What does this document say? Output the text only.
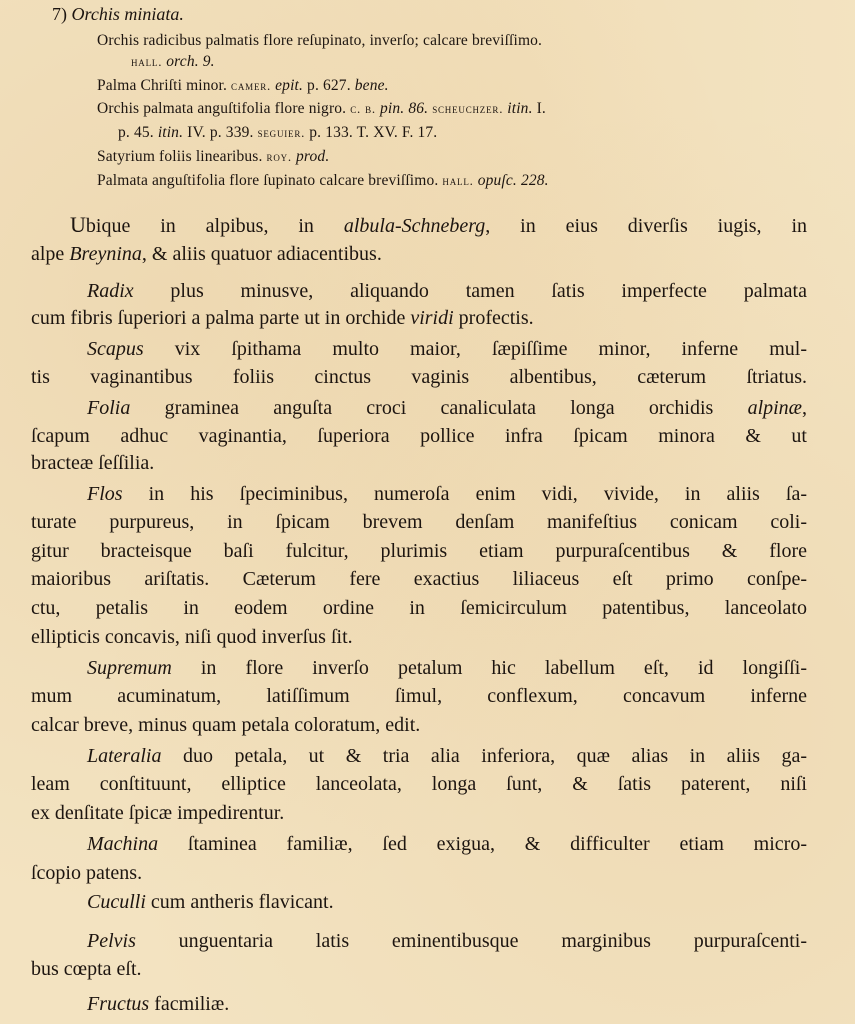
7) Orchis miniata.
Orchis radicibus palmatis flore reſupinato, inverſo; calcare breviſſimo.
hall. orch. 9.
Palma Chriſti minor. camer. epit. p. 627. bene.
Orchis palmata anguſtifolia flore nigro. c. b. pin. 86. scheuchzer. itin. I.
p. 45. itin. IV. p. 339. seguier. p. 133. T. XV. F. 17.
Satyrium foliis linearibus. roy. prod.
Palmata anguſtifolia flore ſupinato calcare breviſſimo. hall. opuſc. 228.
Ubique in alpibus, in albula-Schneberg, in eius diverſis iugis, in
alpe Breynina, & aliis quatuor adiacentibus.
Radix plus minusve, aliquando tamen ſatis imperfecte palmata
cum fibris ſuperiori a palma parte ut in orchide viridi profectis.
Scapus vix ſpithama multo maior, ſæpiſſime minor, inferne mul-
tis vaginantibus foliis cinctus vaginis albentibus, cæterum ſtriatus.
Folia graminea anguſta croci canaliculata longa orchidis alpinæ,
ſcapum adhuc vaginantia, ſuperiora pollice infra ſpicam minora & ut
bracteæ ſeſſilia.
Flos in his ſpeciminibus, numeroſa enim vidi, vivide, in aliis ſa-
turate purpureus, in ſpicam brevem denſam manifeſtius conicam coli-
gitur bracteisque baſi fulcitur, plurimis etiam purpuraſcentibus & flore
maioribus ariſtatis. Cæterum fere exactius liliaceus eſt primo conſpe-
ctu, petalis in eodem ordine in ſemicirculum patentibus, lanceolato
ellipticis concavis, niſi quod inverſus ſit.
Supremum in flore inverſo petalum hic labellum eſt, id longiſſi-
mum acuminatum, latiſſimum ſimul, conflexum, concavum inferne
calcar breve, minus quam petala coloratum, edit.
Lateralia duo petala, ut & tria alia inferiora, quæ alias in aliis ga-
leam conſtituunt, elliptice lanceolata, longa ſunt, & ſatis paterent, niſi
ex denſitate ſpicæ impedirentur.
Machina ſtaminea familiæ, ſed exigua, & difficulter etiam micro-
ſcopio patens.
Cuculli cum antheris flavicant.
Pelvis unguentaria latis eminentibusque marginibus purpuraſcenti-
bus cœpta eſt.
Fructus facmiliæ.
